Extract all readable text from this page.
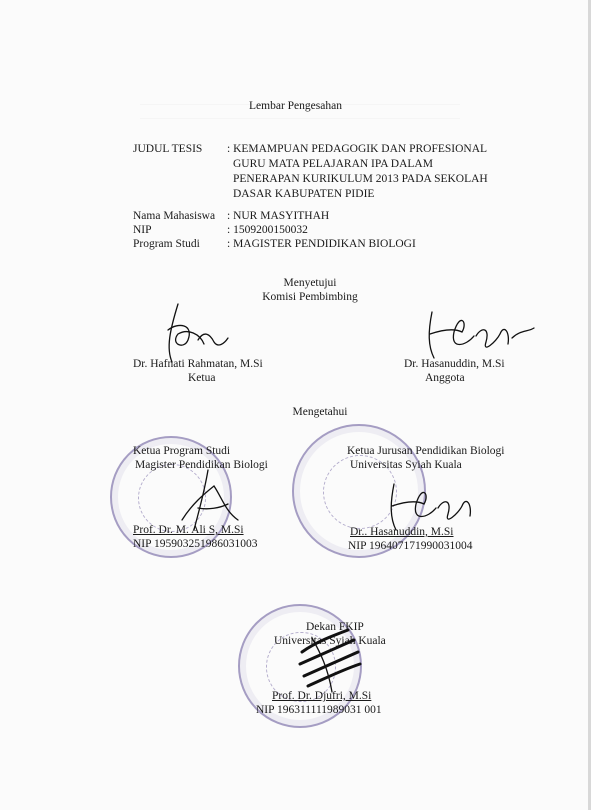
Lembar Pengesahan
JUDUL TESIS : KEMAMPUAN PEDAGOGIK DAN PROFESIONAL
GURU MATA PELAJARAN IPA DALAM
PENERAPAN KURIKULUM 2013 PADA SEKOLAH
DASAR KABUPATEN PIDIE
Nama Mahasiswa : NUR MASYITHAH
NIP	: 1509200150032
Program Studi : MAGISTER PENDIDIKAN BIOLOGI
Menyetujui
Komisi Pembimbing
Dr. Hafnati Rahmatan, M.Si
Ketua
Dr. Hasanuddin, M.Si
Anggota
Mengetahui
Ketua Program Studi
Magister Pendidikan Biologi
Ketua Jurusan Pendidikan Biologi
Universitas Syiah Kuala
Prof. Dr. M. Ali S, M.Si
NIP 195903251986031003
Dr.. Hasanuddin, M.Si
NIP 196407171990031004
Dekan FKIP
Universitas Syiah Kuala
Prof. Dr. Djufri, M.Si
NIP 196311111989031 001
